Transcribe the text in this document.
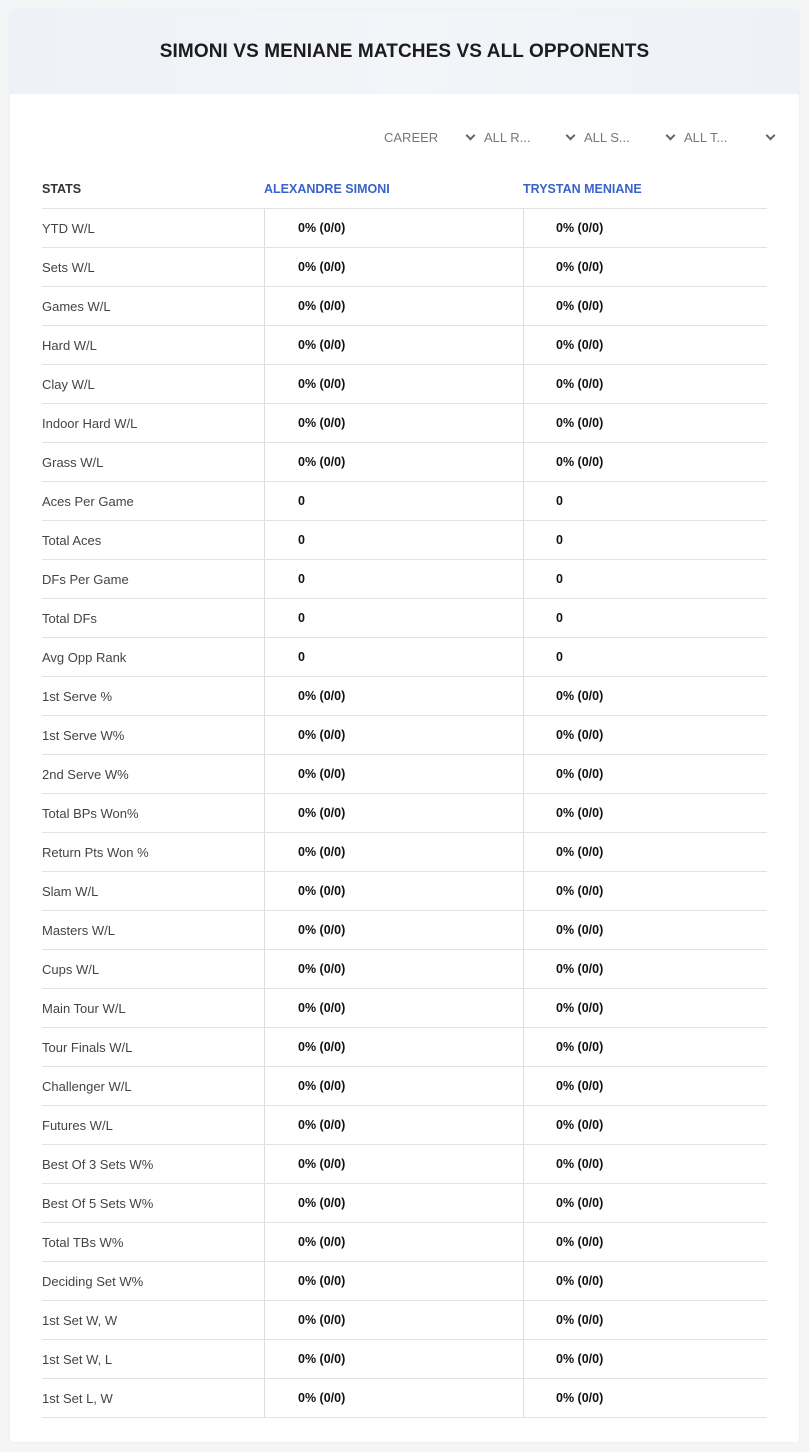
SIMONI VS MENIANE MATCHES VS ALL OPPONENTS
CAREER	ALL R...	ALL S...	ALL T...
STATS	ALEXANDRE SIMONI	TRYSTAN MENIANE
YTD W/L	0% (0/0)	0% (0/0)
Sets W/L	0% (0/0)	0% (0/0)
Games W/L	0% (0/0)	0% (0/0)
Hard W/L	0% (0/0)	0% (0/0)
Clay W/L	0% (0/0)	0% (0/0)
Indoor Hard W/L	0% (0/0)	0% (0/0)
Grass W/L	0% (0/0)	0% (0/0)
Aces Per Game	0	0
Total Aces	0	0
DFs Per Game	0	0
Total DFs	0	0
Avg Opp Rank	0	0
1st Serve %	0% (0/0)	0% (0/0)
1st Serve W%	0% (0/0)	0% (0/0)
2nd Serve W%	0% (0/0)	0% (0/0)
Total BPs Won%	0% (0/0)	0% (0/0)
Return Pts Won %	0% (0/0)	0% (0/0)
Slam W/L	0% (0/0)	0% (0/0)
Masters W/L	0% (0/0)	0% (0/0)
Cups W/L	0% (0/0)	0% (0/0)
Main Tour W/L	0% (0/0)	0% (0/0)
Tour Finals W/L	0% (0/0)	0% (0/0)
Challenger W/L	0% (0/0)	0% (0/0)
Futures W/L	0% (0/0)	0% (0/0)
Best Of 3 Sets W%	0% (0/0)	0% (0/0)
Best Of 5 Sets W%	0% (0/0)	0% (0/0)
Total TBs W%	0% (0/0)	0% (0/0)
Deciding Set W%	0% (0/0)	0% (0/0)
1st Set W, W	0% (0/0)	0% (0/0)
1st Set W, L	0% (0/0)	0% (0/0)
1st Set L, W	0% (0/0)	0% (0/0)
